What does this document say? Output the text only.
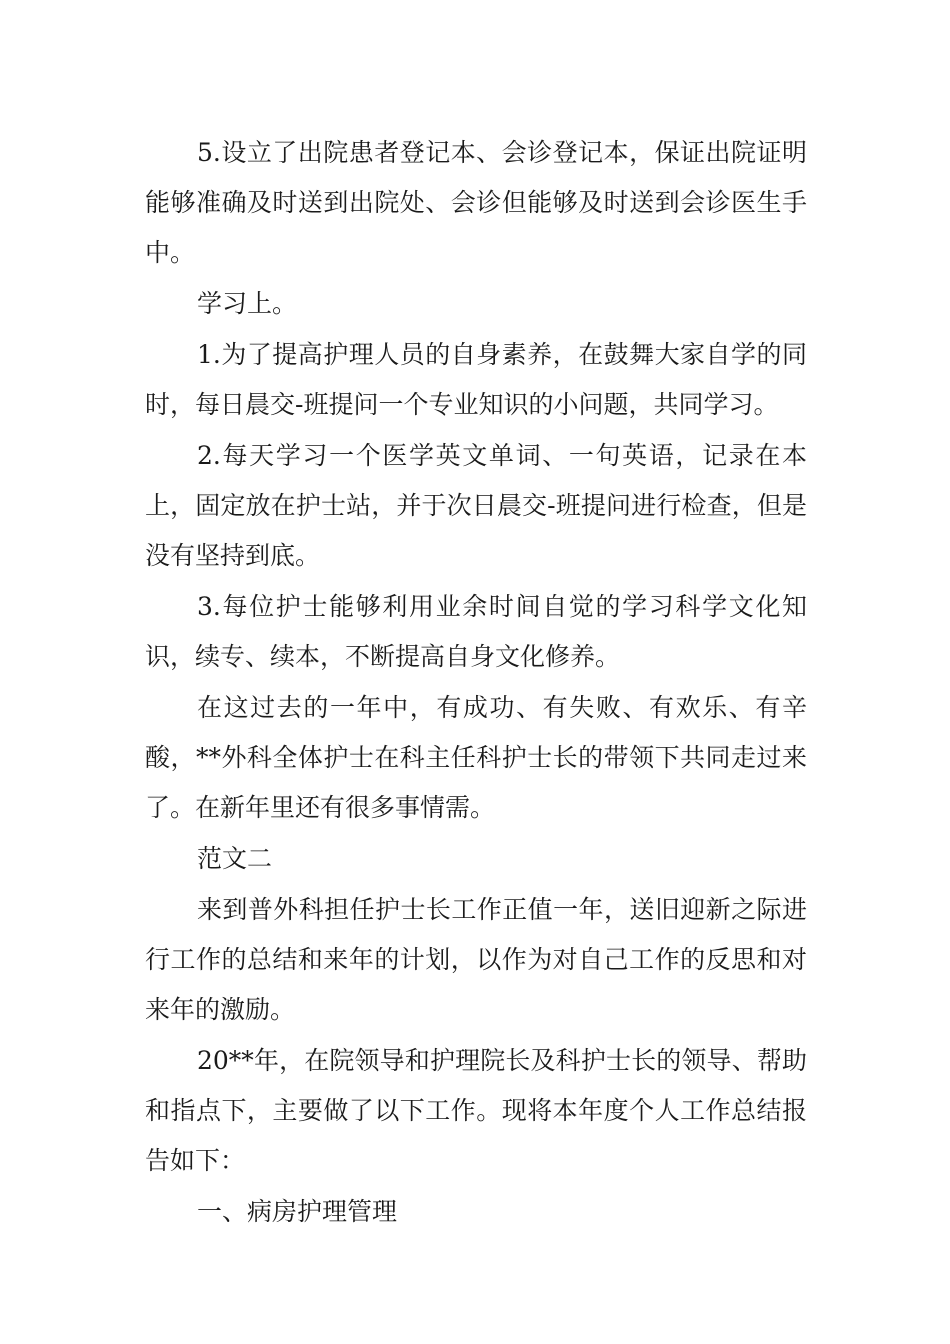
5.设立了出院患者登记本、会诊登记本，保证出院证明能够准确及时送到出院处、会诊但能够及时送到会诊医生手中。

学习上。

1.为了提高护理人员的自身素养，在鼓舞大家自学的同时，每日晨交-班提问一个专业知识的小问题，共同学习。

2.每天学习一个医学英文单词、一句英语，记录在本上，固定放在护士站，并于次日晨交-班提问进行检查，但是没有坚持到底。

3.每位护士能够利用业余时间自觉的学习科学文化知识，续专、续本，不断提高自身文化修养。

在这过去的一年中，有成功、有失败、有欢乐、有辛酸，**外科全体护士在科主任科护士长的带领下共同走过来了。在新年里还有很多事情需。

范文二

来到普外科担任护士长工作正值一年，送旧迎新之际进行工作的总结和来年的计划，以作为对自己工作的反思和对来年的激励。

20**年，在院领导和护理院长及科护士长的领导、帮助和指点下，主要做了以下工作。现将本年度个人工作总结报告如下：

一、病房护理管理
